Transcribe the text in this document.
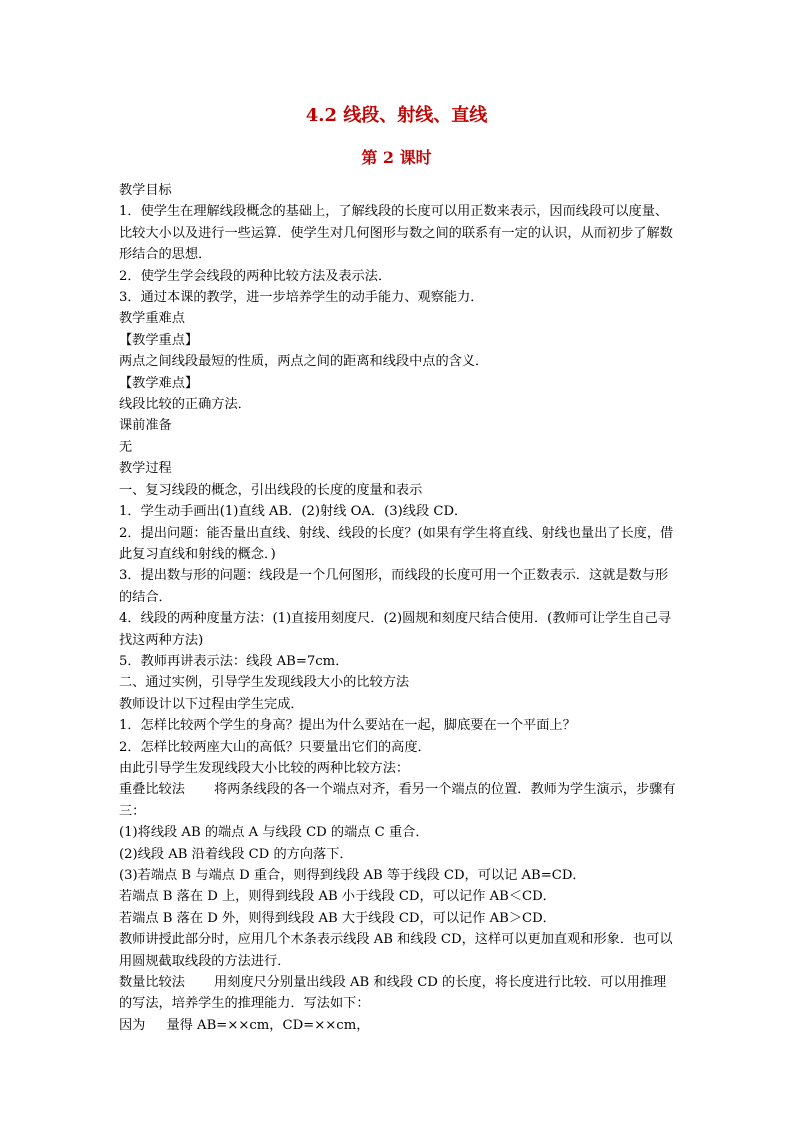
4.2 线段、射线、直线
第 2 课时

教学目标

1．使学生在理解线段概念的基础上，了解线段的长度可以用正数来表示，因而线段可以度量、比较大小以及进行一些运算．使学生对几何图形与数之间的联系有一定的认识，从而初步了解数形结合的思想．

2．使学生学会线段的两种比较方法及表示法．

3．通过本课的教学，进一步培养学生的动手能力、观察能力．

教学重难点

【教学重点】

两点之间线段最短的性质，两点之间的距离和线段中点的含义．

【教学难点】

线段比较的正确方法．

课前准备

无

教学过程

一、复习线段的概念，引出线段的长度的度量和表示

1．学生动手画出(1)直线 AB．(2)射线 OA．(3)线段 CD．

2．提出问题：能否量出直线、射线、线段的长度？(如果有学生将直线、射线也量出了长度，借此复习直线和射线的概念．)

3．提出数与形的问题：线段是一个几何图形，而线段的长度可用一个正数表示．这就是数与形的结合．

4．线段的两种度量方法：(1)直接用刻度尺．(2)圆规和刻度尺结合使用．(教师可让学生自己寻找这两种方法)

5．教师再讲表示法：线段 AB=7cm．

二、通过实例，引导学生发现线段大小的比较方法

教师设计以下过程由学生完成．

1．怎样比较两个学生的身高？提出为什么要站在一起，脚底要在一个平面上？

2．怎样比较两座大山的高低？只要量出它们的高度．

由此引导学生发现线段大小比较的两种比较方法：

重叠比较法 将两条线段的各一个端点对齐，看另一个端点的位置．教师为学生演示，步骤有三：

(1)将线段 AB 的端点 A 与线段 CD 的端点 C 重合．

(2)线段 AB 沿着线段 CD 的方向落下．

(3)若端点 B 与端点 D 重合，则得到线段 AB 等于线段 CD，可以记 AB=CD．

若端点 B 落在 D 上，则得到线段 AB 小于线段 CD，可以记作 AB＜CD．

若端点 B 落在 D 外，则得到线段 AB 大于线段 CD，可以记作 AB＞CD．

教师讲授此部分时，应用几个木条表示线段 AB 和线段 CD，这样可以更加直观和形象．也可以用圆规截取线段的方法进行．

数量比较法 用刻度尺分别量出线段 AB 和线段 CD 的长度，将长度进行比较．可以用推理的写法，培养学生的推理能力．写法如下：

因为 量得 AB=××cm，CD=××cm，
